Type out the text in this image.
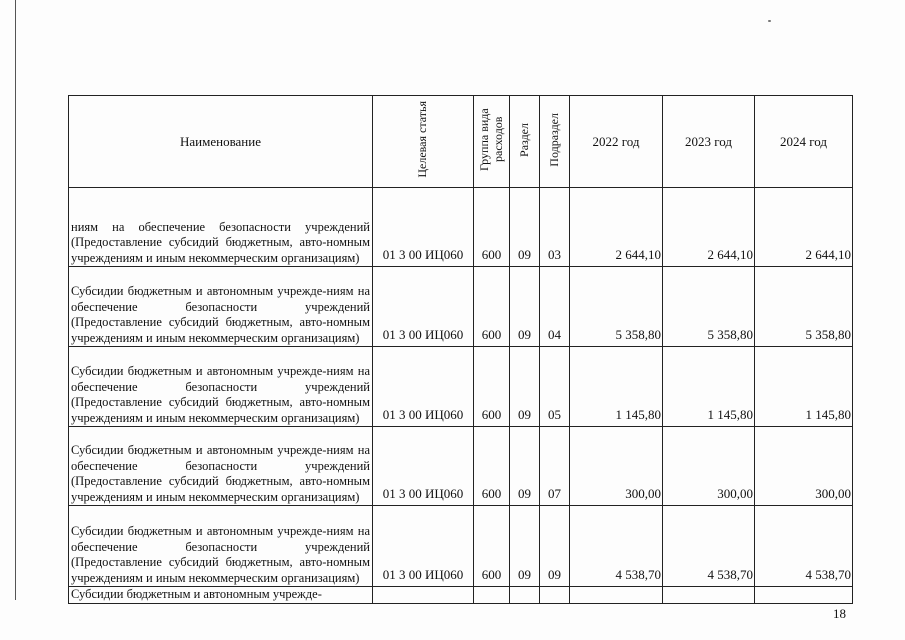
Наименование	Целевая статья	Группа вида расходов	Раздел	Подраздел	2022 год	2023 год	2024 год
ниям на обеспечение безопасности учреждений (Предоставление субсидий бюджетным, авто-номным учреждениям и иным некоммерческим организациям)	01 3 00 ИЦ060	600	09	03	2 644,10	2 644,10	2 644,10
Субсидии бюджетным и автономным учрежде-ниям на обеспечение безопасности учреждений (Предоставление субсидий бюджетным, авто-номным учреждениям и иным некоммерческим организациям)	01 3 00 ИЦ060	600	09	04	5 358,80	5 358,80	5 358,80
Субсидии бюджетным и автономным учрежде-ниям на обеспечение безопасности учреждений (Предоставление субсидий бюджетным, авто-номным учреждениям и иным некоммерческим организациям)	01 3 00 ИЦ060	600	09	05	1 145,80	1 145,80	1 145,80
Субсидии бюджетным и автономным учрежде-ниям на обеспечение безопасности учреждений (Предоставление субсидий бюджетным, авто-номным учреждениям и иным некоммерческим организациям)	01 3 00 ИЦ060	600	09	07	300,00	300,00	300,00
Субсидии бюджетным и автономным учрежде-ниям на обеспечение безопасности учреждений (Предоставление субсидий бюджетным, авто-номным учреждениям и иным некоммерческим организациям)	01 3 00 ИЦ060	600	09	09	4 538,70	4 538,70	4 538,70
Субсидии бюджетным и автономным учрежде-							
18
